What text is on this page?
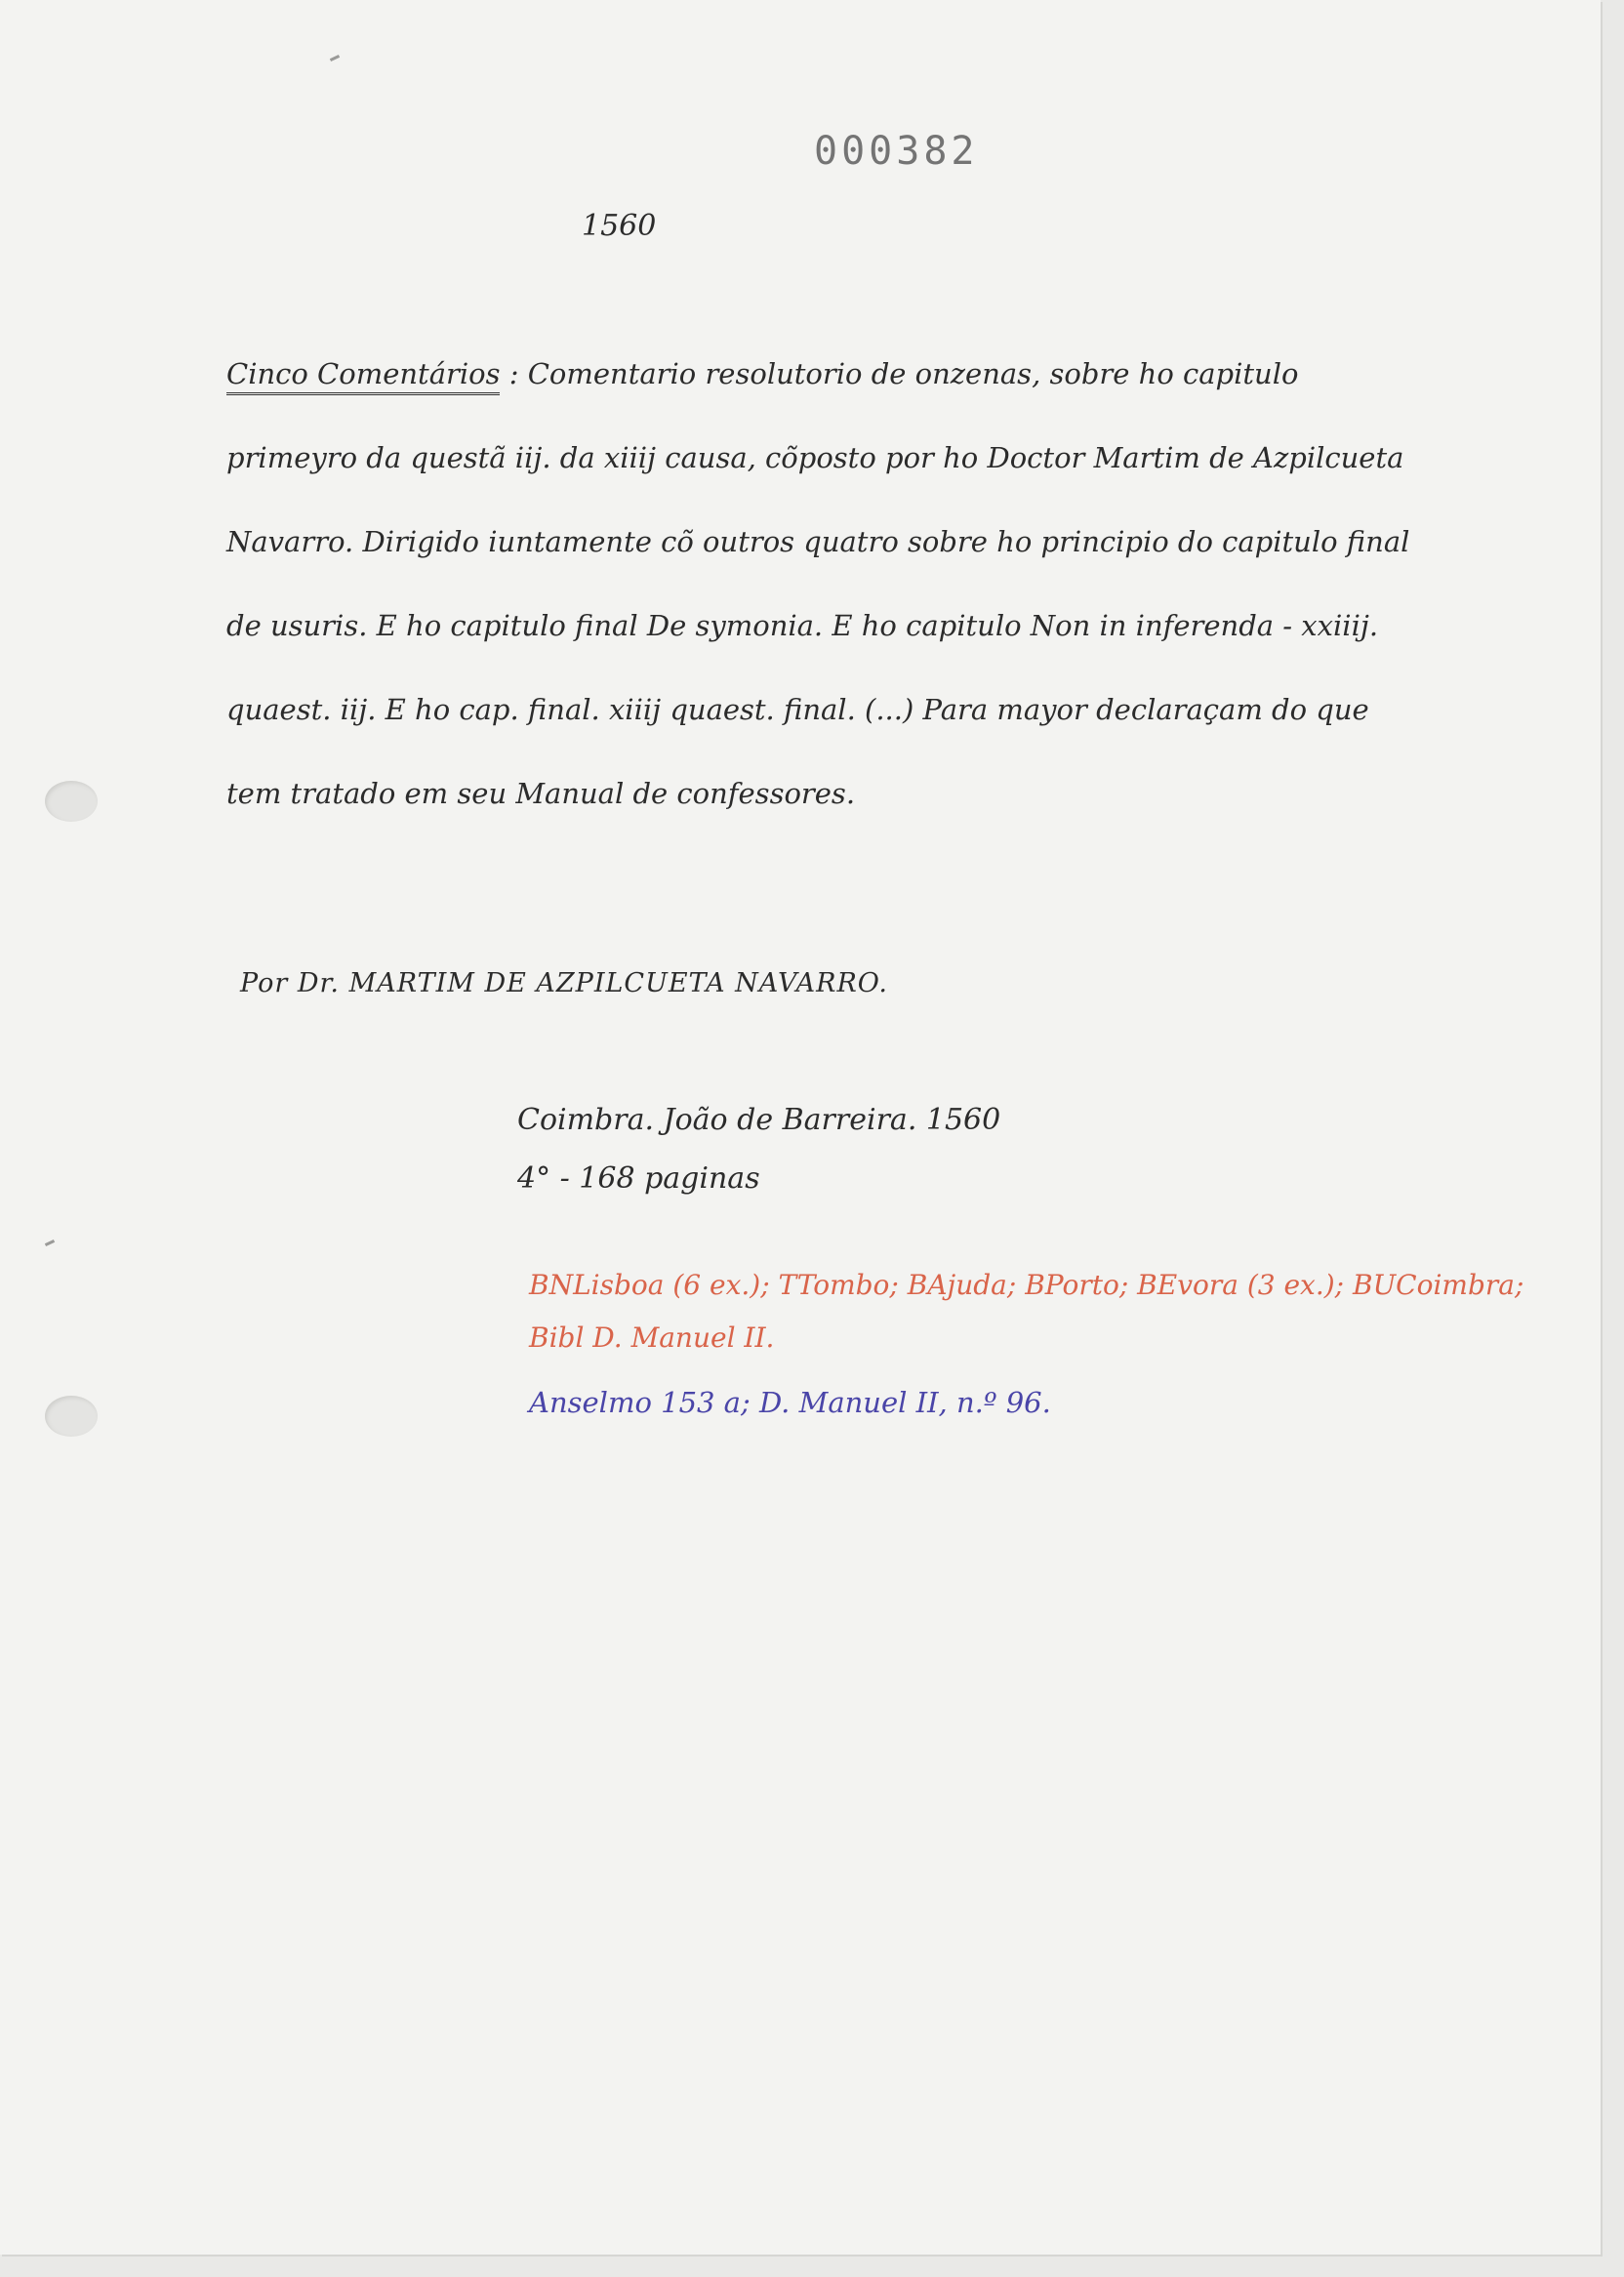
000382
1560

Cinco Comentários : Comentario resolutorio de onzenas, sobre ho capitulo primeyro da questã iij. da xiiij causa, cõposto por ho Doctor Martim de Azpilcueta Navarro. Dirigido iuntamente cõ outros quatro sobre ho principio do capitulo final de usuris. E ho capitulo final De symonia. E ho capitulo Non in inferenda - xxiiij. quaest. iij. E ho cap. final. xiiij quaest. final. (...) Para mayor declaraçam do que tem tratado em seu Manual de confessores.

Por Dr. MARTIM DE AZPILCUETA NAVARRO.
Coimbra. João de Barreira. 1560
4° - 168 paginas
BNLisboa (6 ex.); TTombo; BAjuda; BPorto; BEvora (3 ex.); BUCoimbra; Bibl D. Manuel II.
Anselmo 153 a; D. Manuel II, n.º 96.
